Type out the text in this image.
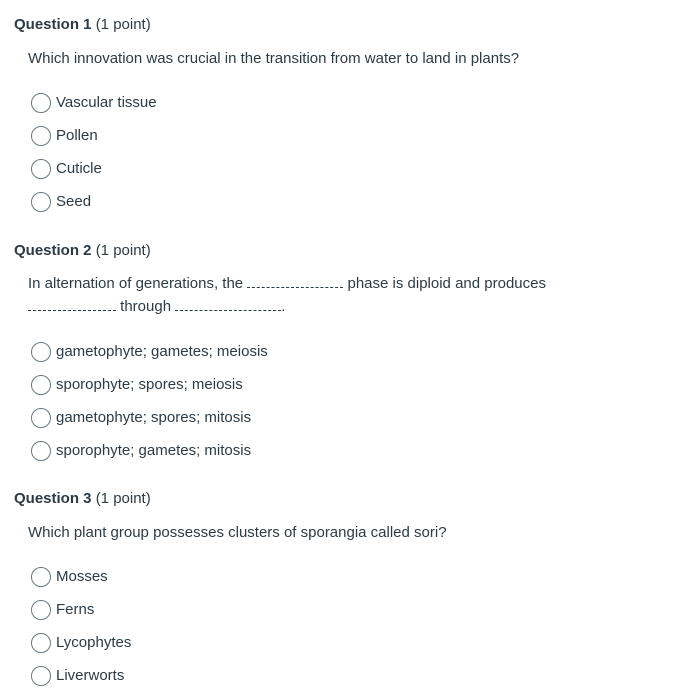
Question 1 (1 point)
Which innovation was crucial in the transition from water to land in plants?
Vascular tissue
Pollen
Cuticle
Seed
Question 2 (1 point)
In alternation of generations, the	phase is diploid and produces
through	.
gametophyte; gametes; meiosis
sporophyte; spores; meiosis
gametophyte; spores; mitosis
sporophyte; gametes; mitosis
Question 3 (1 point)
Which plant group possesses clusters of sporangia called sori?
Mosses
Ferns
Lycophytes
Liverworts
